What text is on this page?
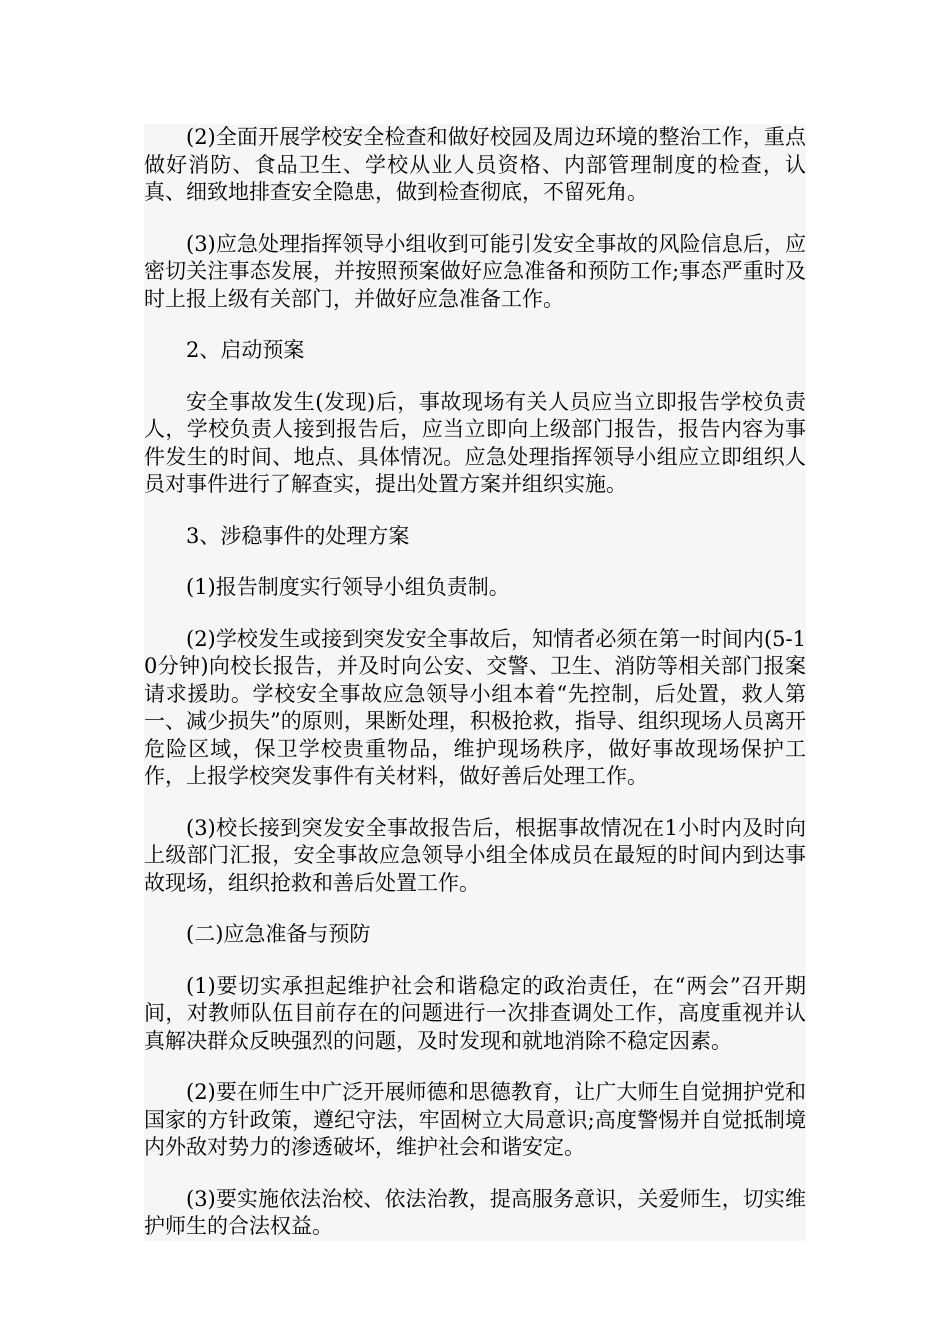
(2)全面开展学校安全检查和做好校园及周边环境的整治工作，重点做好消防、食品卫生、学校从业人员资格、内部管理制度的检查，认真、细致地排查安全隐患，做到检查彻底，不留死角。

(3)应急处理指挥领导小组收到可能引发安全事故的风险信息后，应密切关注事态发展，并按照预案做好应急准备和预防工作;事态严重时及时上报上级有关部门，并做好应急准备工作。

2、启动预案

安全事故发生(发现)后，事故现场有关人员应当立即报告学校负责人，学校负责人接到报告后，应当立即向上级部门报告，报告内容为事件发生的时间、地点、具体情况。应急处理指挥领导小组应立即组织人员对事件进行了解查实，提出处置方案并组织实施。

3、涉稳事件的处理方案

(1)报告制度实行领导小组负责制。

(2)学校发生或接到突发安全事故后，知情者必须在第一时间内(5-10分钟)向校长报告，并及时向公安、交警、卫生、消防等相关部门报案请求援助。学校安全事故应急领导小组本着“先控制，后处置，救人第一、减少损失”的原则，果断处理，积极抢救，指导、组织现场人员离开危险区域，保卫学校贵重物品，维护现场秩序，做好事故现场保护工作，上报学校突发事件有关材料，做好善后处理工作。

(3)校长接到突发安全事故报告后，根据事故情况在1小时内及时向上级部门汇报，安全事故应急领导小组全体成员在最短的时间内到达事故现场，组织抢救和善后处置工作。

(二)应急准备与预防

(1)要切实承担起维护社会和谐稳定的政治责任，在“两会”召开期间，对教师队伍目前存在的问题进行一次排查调处工作，高度重视并认真解决群众反映强烈的问题，及时发现和就地消除不稳定因素。

(2)要在师生中广泛开展师德和思德教育，让广大师生自觉拥护党和国家的方针政策，遵纪守法，牢固树立大局意识;高度警惕并自觉抵制境内外敌对势力的渗透破坏，维护社会和谐安定。

(3)要实施依法治校、依法治教，提高服务意识，关爱师生，切实维护师生的合法权益。
